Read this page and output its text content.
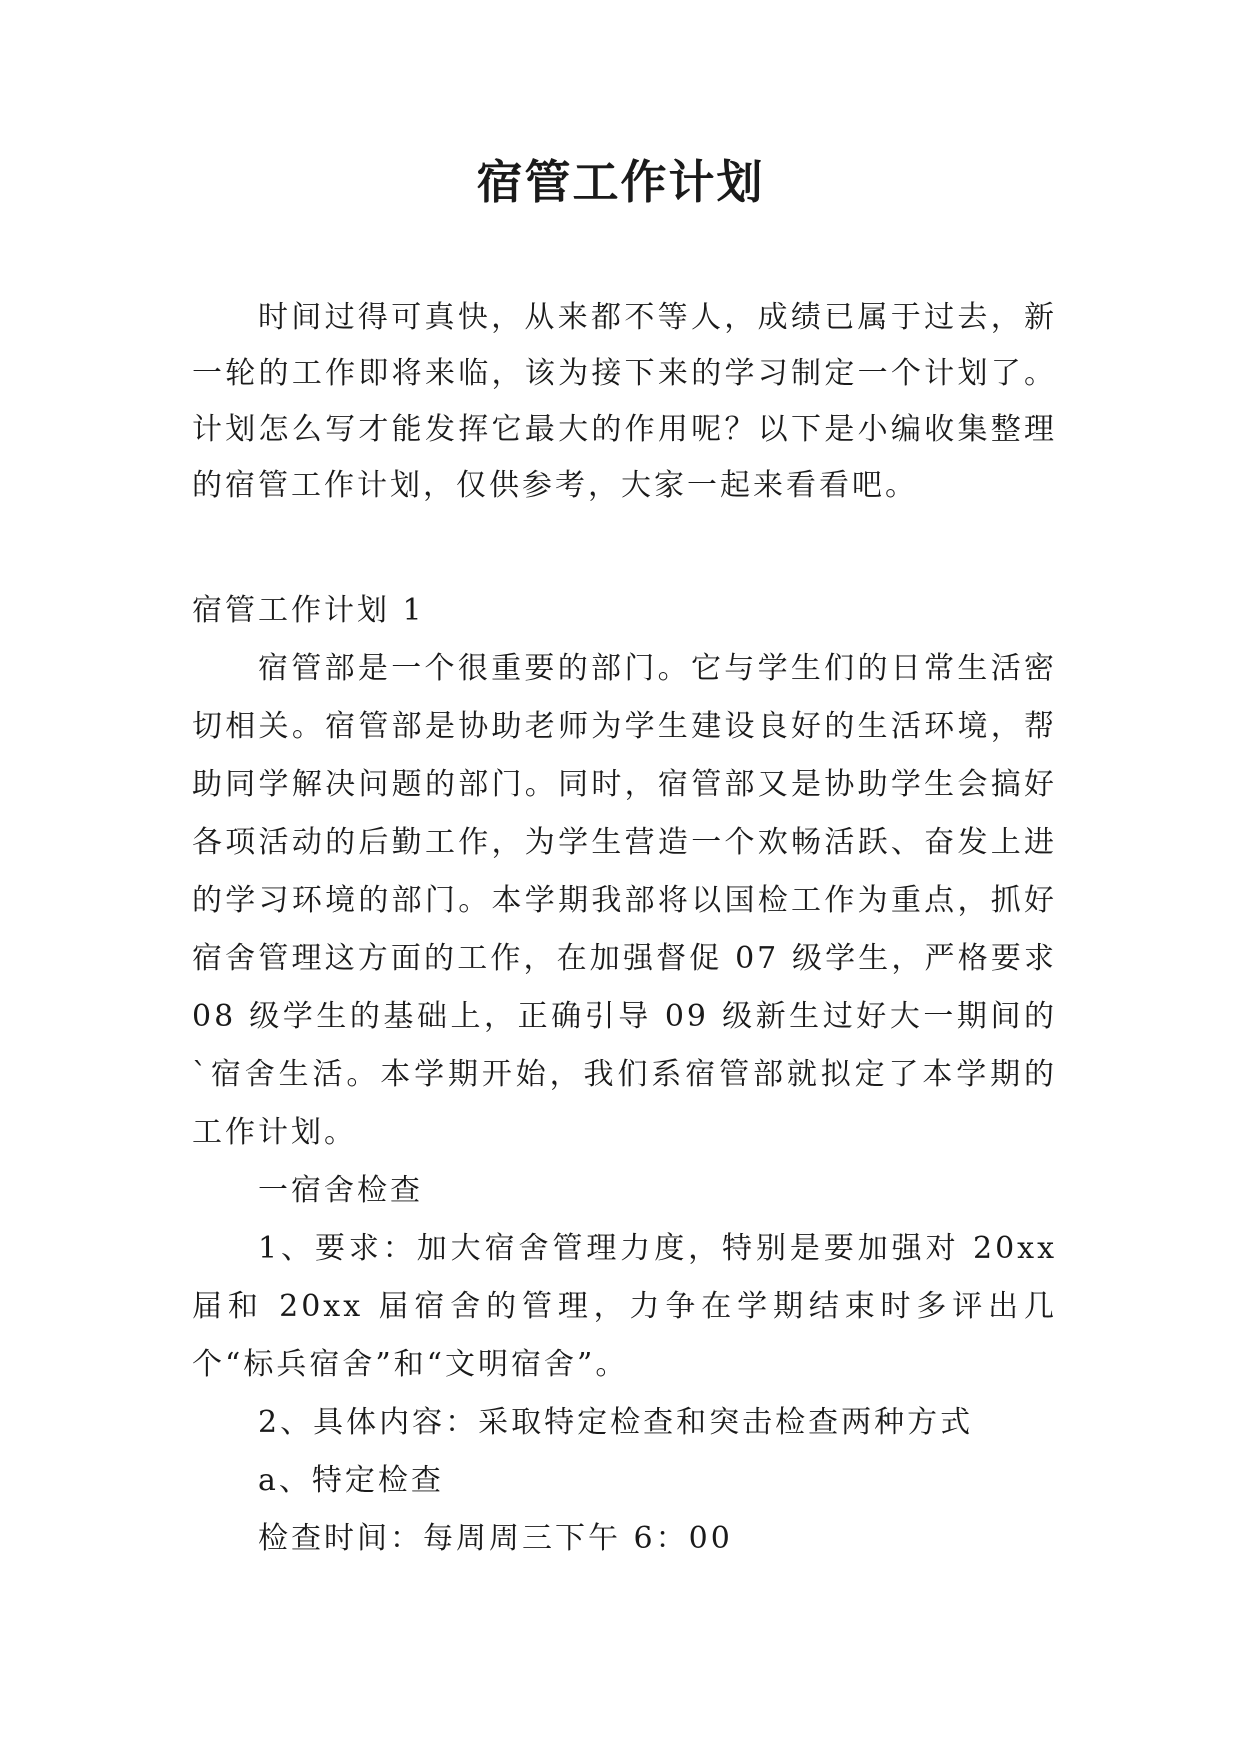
宿管工作计划
时间过得可真快，从来都不等人，成绩已属于过去，新一轮的工作即将来临，该为接下来的学习制定一个计划了。计划怎么写才能发挥它最大的作用呢？以下是小编收集整理的宿管工作计划，仅供参考，大家一起来看看吧。
宿管工作计划 1

宿管部是一个很重要的部门。它与学生们的日常生活密切相关。宿管部是协助老师为学生建设良好的生活环境，帮助同学解决问题的部门。同时，宿管部又是协助学生会搞好各项活动的后勤工作，为学生营造一个欢畅活跃、奋发上进的学习环境的部门。本学期我部将以国检工作为重点，抓好宿舍管理这方面的工作，在加强督促 07 级学生，严格要求 08 级学生的基础上，正确引导 09 级新生过好大一期间的`宿舍生活。本学期开始，我们系宿管部就拟定了本学期的工作计划。

一宿舍检查

1、要求：加大宿舍管理力度，特别是要加强对 20xx 届和 20xx 届宿舍的管理，力争在学期结束时多评出几个“标兵宿舍”和“文明宿舍”。

2、具体内容：采取特定检查和突击检查两种方式

a、特定检查

检查时间：每周周三下午 6：00
